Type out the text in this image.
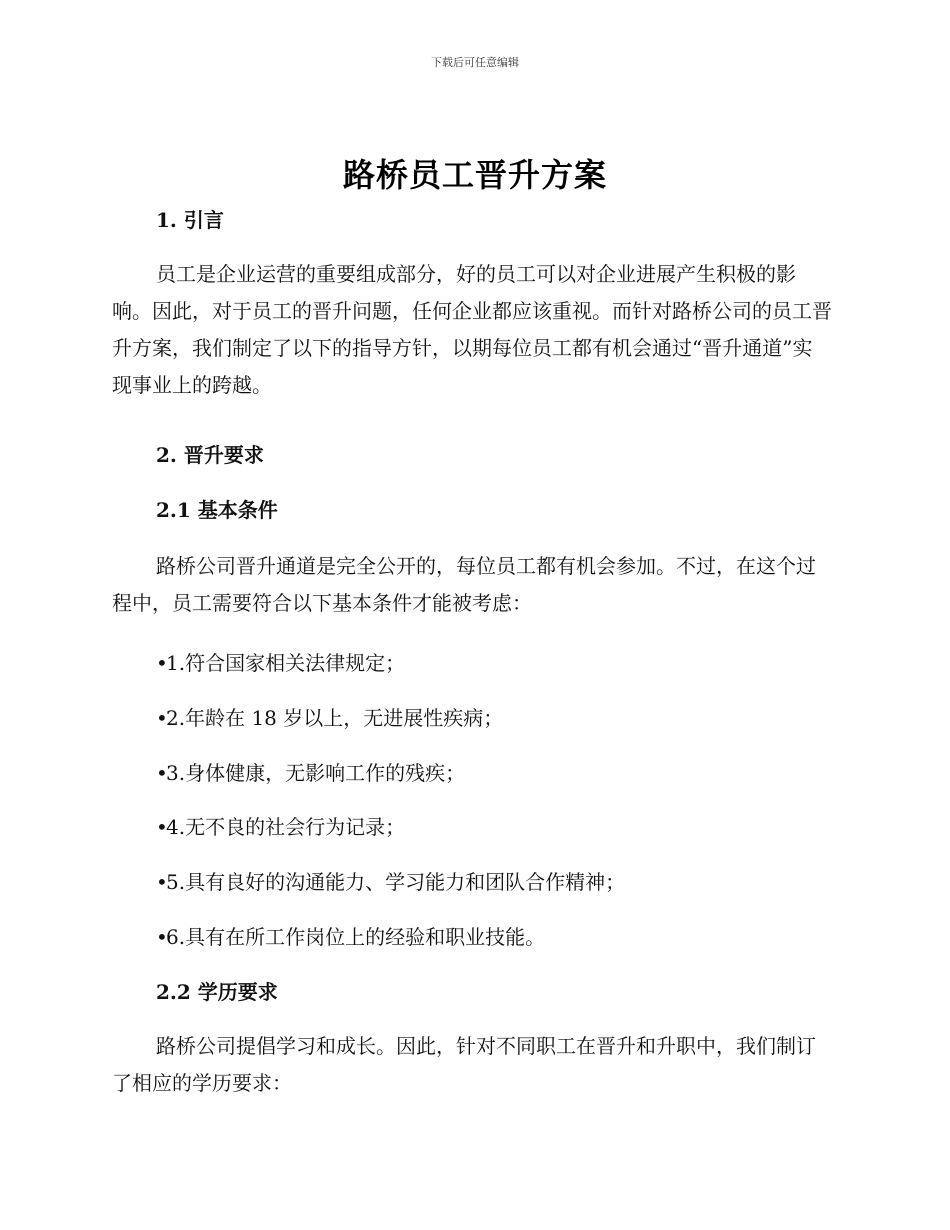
下载后可任意编辑
路桥员工晋升方案
1. 引言
员工是企业运营的重要组成部分，好的员工可以对企业进展产生积极的影响。因此，对于员工的晋升问题，任何企业都应该重视。而针对路桥公司的员工晋升方案，我们制定了以下的指导方针，以期每位员工都有机会通过“晋升通道”实现事业上的跨越。
2. 晋升要求
2.1 基本条件
路桥公司晋升通道是完全公开的，每位员工都有机会参加。不过，在这个过程中，员工需要符合以下基本条件才能被考虑：
•1.符合国家相关法律规定；
•2.年龄在 18 岁以上，无进展性疾病；
•3.身体健康，无影响工作的残疾；
•4.无不良的社会行为记录；
•5.具有良好的沟通能力、学习能力和团队合作精神；
•6.具有在所工作岗位上的经验和职业技能。
2.2 学历要求
路桥公司提倡学习和成长。因此，针对不同职工在晋升和升职中，我们制订了相应的学历要求：
